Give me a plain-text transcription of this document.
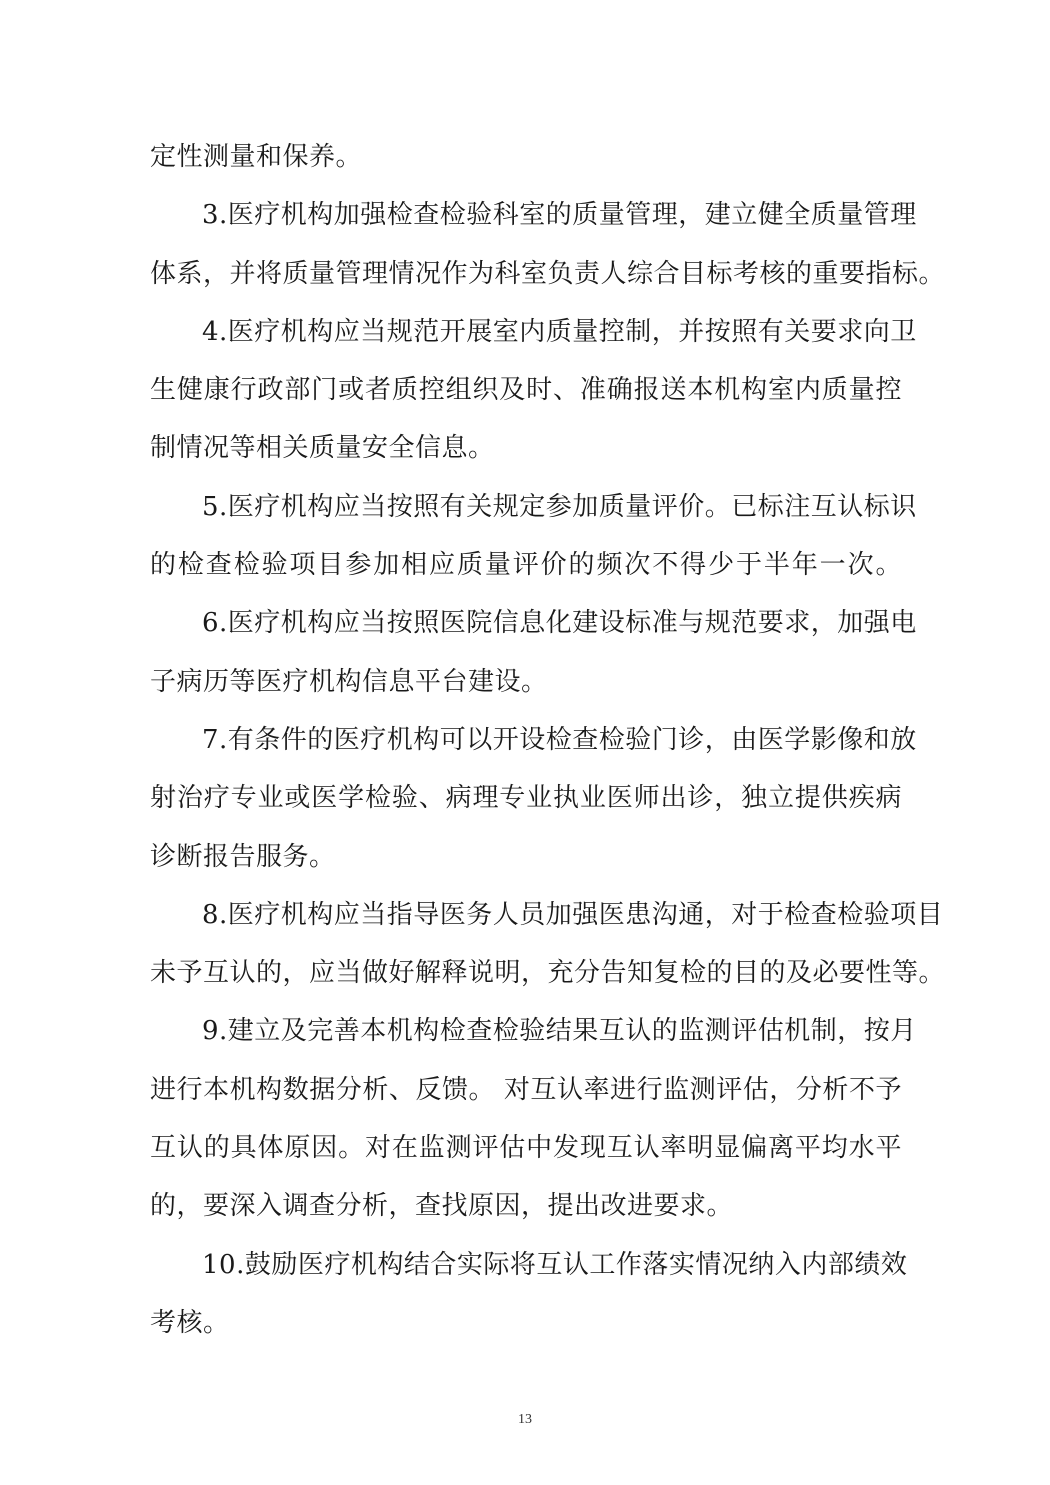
定性测量和保养。
3.医疗机构加强检查检验科室的质量管理，建立健全质量管理
体系，并将质量管理情况作为科室负责人综合目标考核的重要指标。
4.医疗机构应当规范开展室内质量控制，并按照有关要求向卫
生健康行政部门或者质控组织及时、准确报送本机构室内质量控
制情况等相关质量安全信息。
5.医疗机构应当按照有关规定参加质量评价。已标注互认标识
的检查检验项目参加相应质量评价的频次不得少于半年一次。
6.医疗机构应当按照医院信息化建设标准与规范要求，加强电
子病历等医疗机构信息平台建设。
7.有条件的医疗机构可以开设检查检验门诊，由医学影像和放
射治疗专业或医学检验、病理专业执业医师出诊，独立提供疾病
诊断报告服务。
8.医疗机构应当指导医务人员加强医患沟通，对于检查检验项目
未予互认的，应当做好解释说明，充分告知复检的目的及必要性等。
9.建立及完善本机构检查检验结果互认的监测评估机制，按月
进行本机构数据分析、反馈。 对互认率进行监测评估，分析不予
互认的具体原因。对在监测评估中发现互认率明显偏离平均水平
的，要深入调查分析，查找原因，提出改进要求。
10.鼓励医疗机构结合实际将互认工作落实情况纳入内部绩效
考核。
13
